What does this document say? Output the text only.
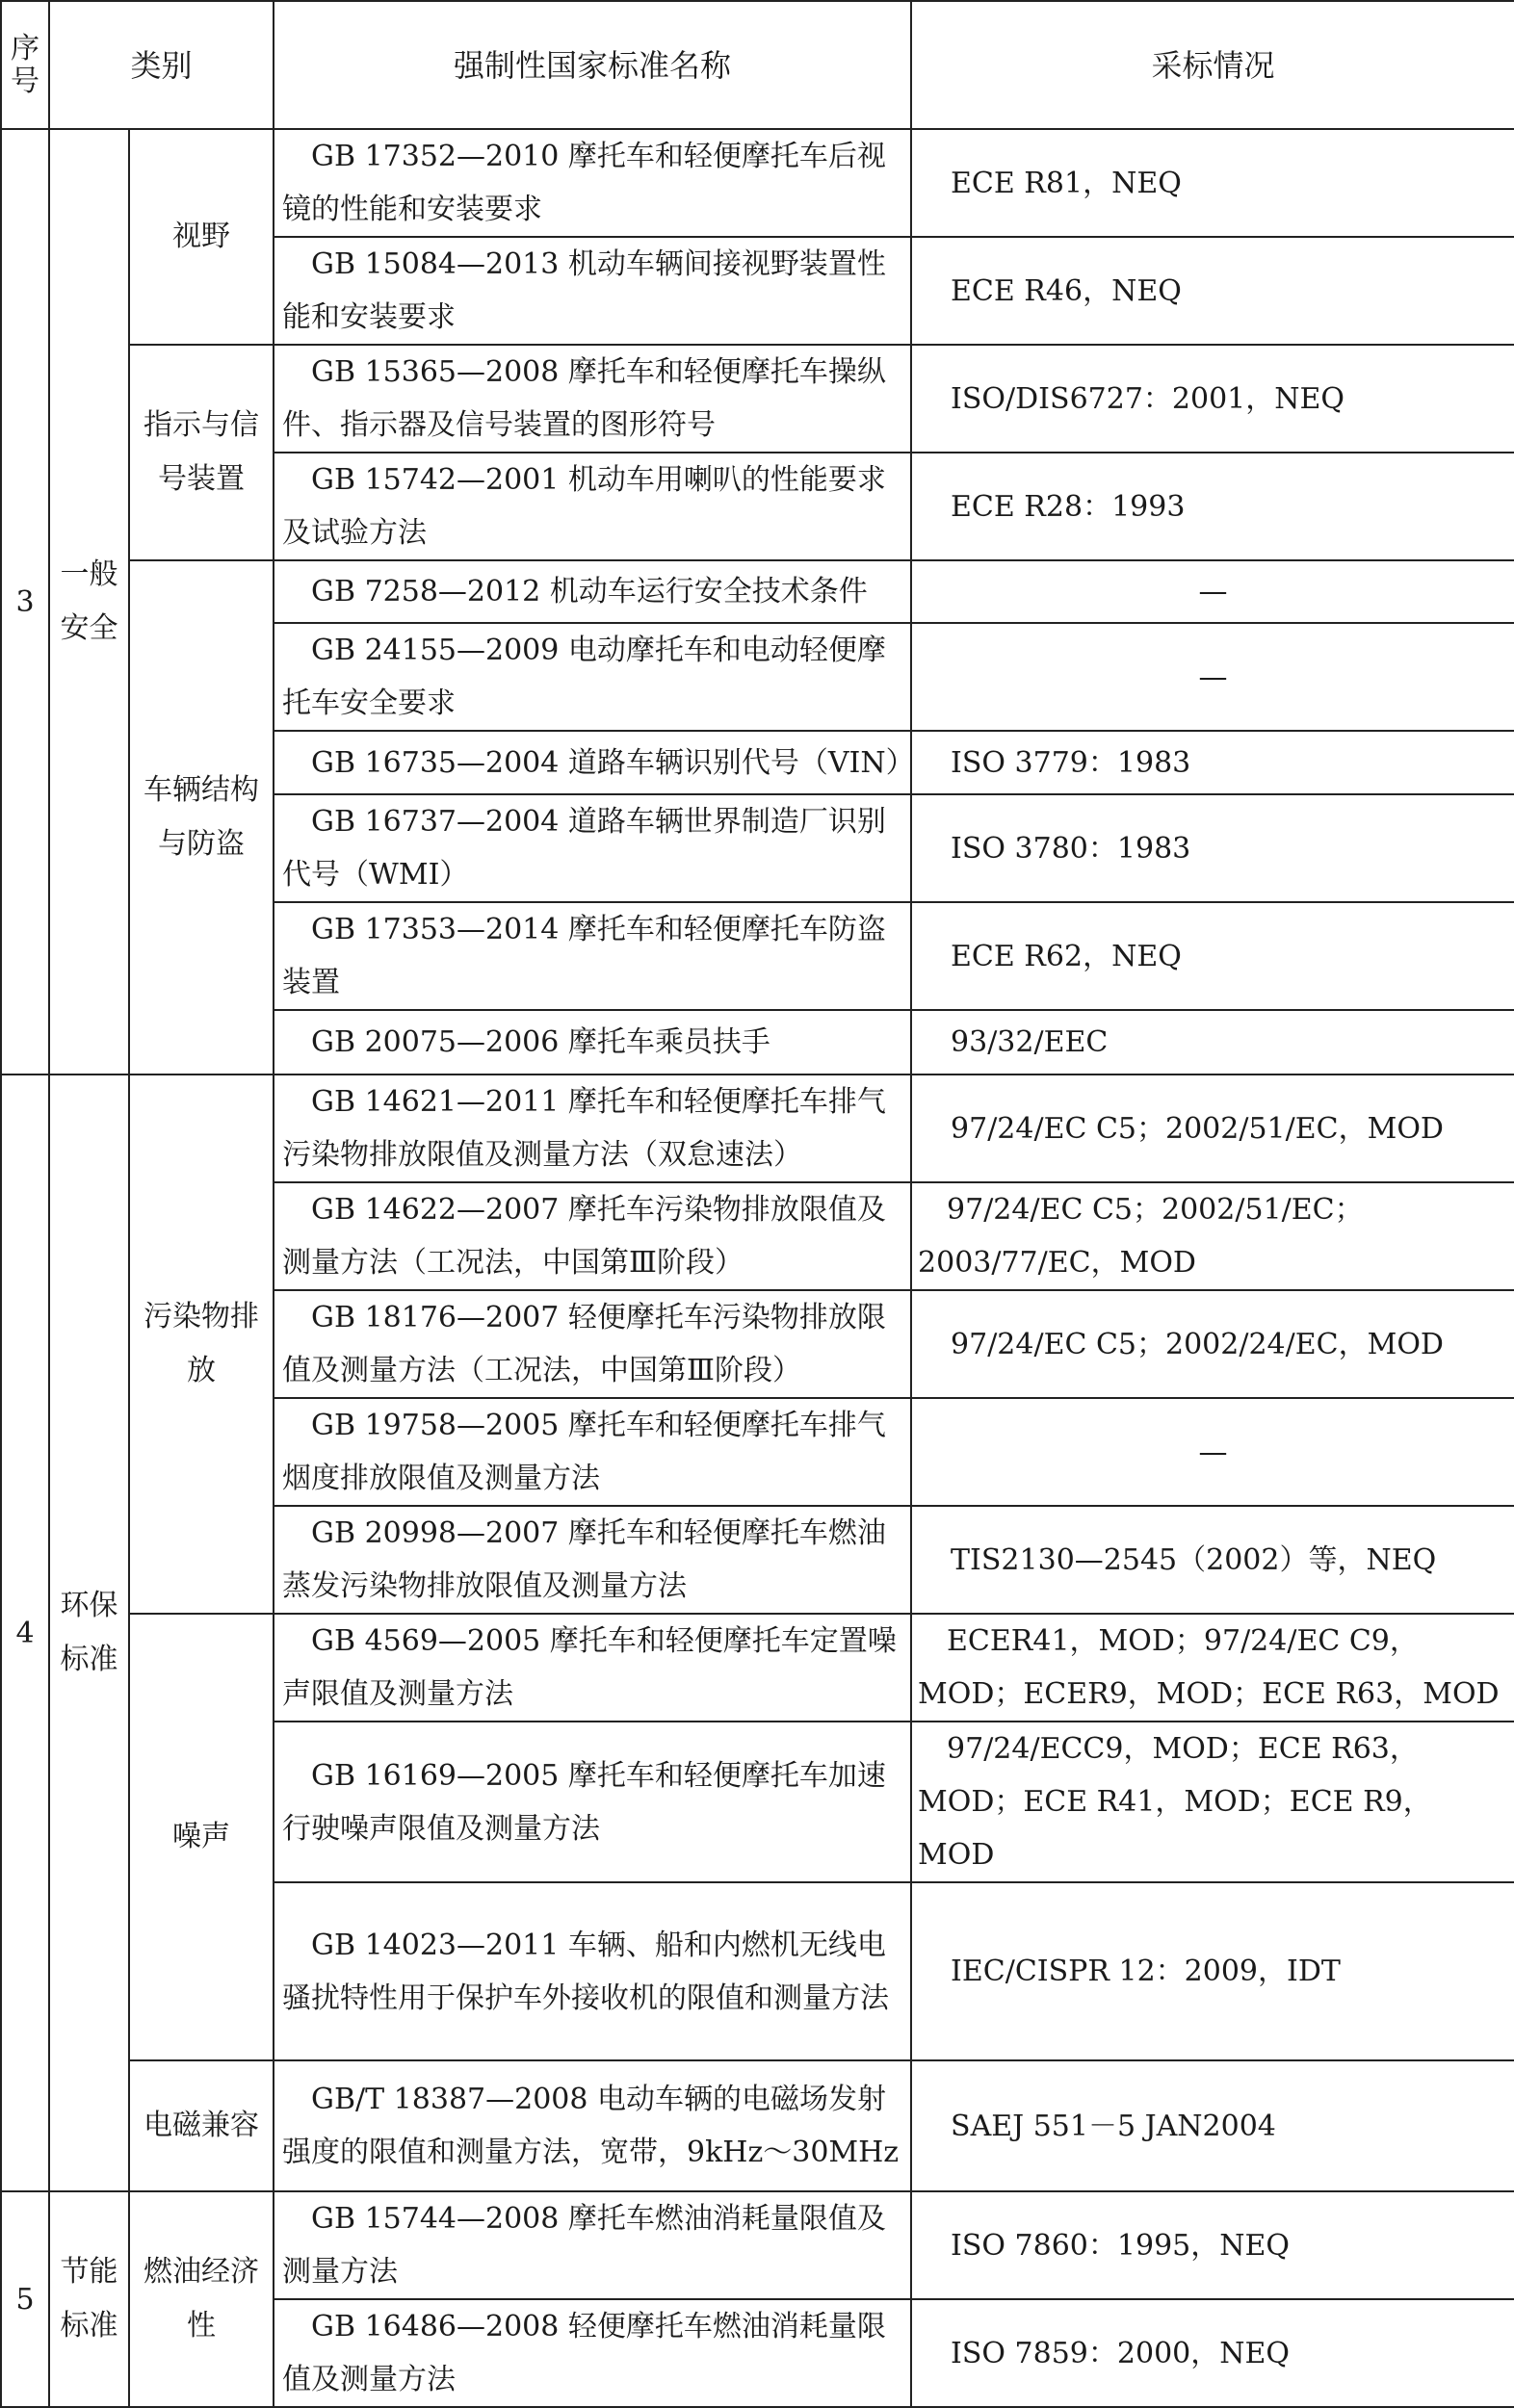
序号	类别		强制性国家标准名称	采标情况
3	一般安全	视野	GB 17352—2010 摩托车和轻便摩托车后视镜的性能和安装要求	ECE R81，NEQ
			GB 15084—2013 机动车辆间接视野装置性能和安装要求	ECE R46，NEQ
		指示与信号装置	GB 15365—2008 摩托车和轻便摩托车操纵件、指示器及信号装置的图形符号	ISO/DIS6727：2001，NEQ
			GB 15742—2001 机动车用喇叭的性能要求及试验方法	ECE R28：1993
		车辆结构与防盗	GB 7258—2012 机动车运行安全技术条件	—
			GB 24155—2009 电动摩托车和电动轻便摩托车安全要求	—
			GB 16735—2004 道路车辆识别代号（VIN）	ISO 3779：1983
			GB 16737—2004 道路车辆世界制造厂识别代号（WMI）	ISO 3780：1983
			GB 17353—2014 摩托车和轻便摩托车防盗装置	ECE R62，NEQ
			GB 20075—2006 摩托车乘员扶手	93/32/EEC
4	环保标准	污染物排放	GB 14621—2011 摩托车和轻便摩托车排气污染物排放限值及测量方法（双怠速法）	97/24/EC C5；2002/51/EC，MOD
			GB 14622—2007 摩托车污染物排放限值及测量方法（工况法，中国第Ⅲ阶段）	97/24/EC C5；2002/51/EC；2003/77/EC，MOD
			GB 18176—2007 轻便摩托车污染物排放限值及测量方法（工况法，中国第Ⅲ阶段）	97/24/EC C5；2002/24/EC，MOD
			GB 19758—2005 摩托车和轻便摩托车排气烟度排放限值及测量方法	—
			GB 20998—2007 摩托车和轻便摩托车燃油蒸发污染物排放限值及测量方法	TIS2130—2545（2002）等，NEQ
		噪声	GB 4569—2005 摩托车和轻便摩托车定置噪声限值及测量方法	ECER41，MOD；97/24/EC C9，MOD；ECER9，MOD；ECE R63，MOD
			GB 16169—2005 摩托车和轻便摩托车加速行驶噪声限值及测量方法	97/24/ECC9，MOD；ECE R63，MOD；ECE R41，MOD；ECE R9，MOD
			GB 14023—2011 车辆、船和内燃机无线电骚扰特性用于保护车外接收机的限值和测量方法	IEC/CISPR 12：2009，IDT
		电磁兼容	GB/T 18387—2008 电动车辆的电磁场发射强度的限值和测量方法，宽带，9kHz～30MHz	SAEJ 551－5 JAN2004
5	节能标准	燃油经济性	GB 15744—2008 摩托车燃油消耗量限值及测量方法	ISO 7860：1995，NEQ
			GB 16486—2008 轻便摩托车燃油消耗量限值及测量方法	ISO 7859：2000，NEQ
